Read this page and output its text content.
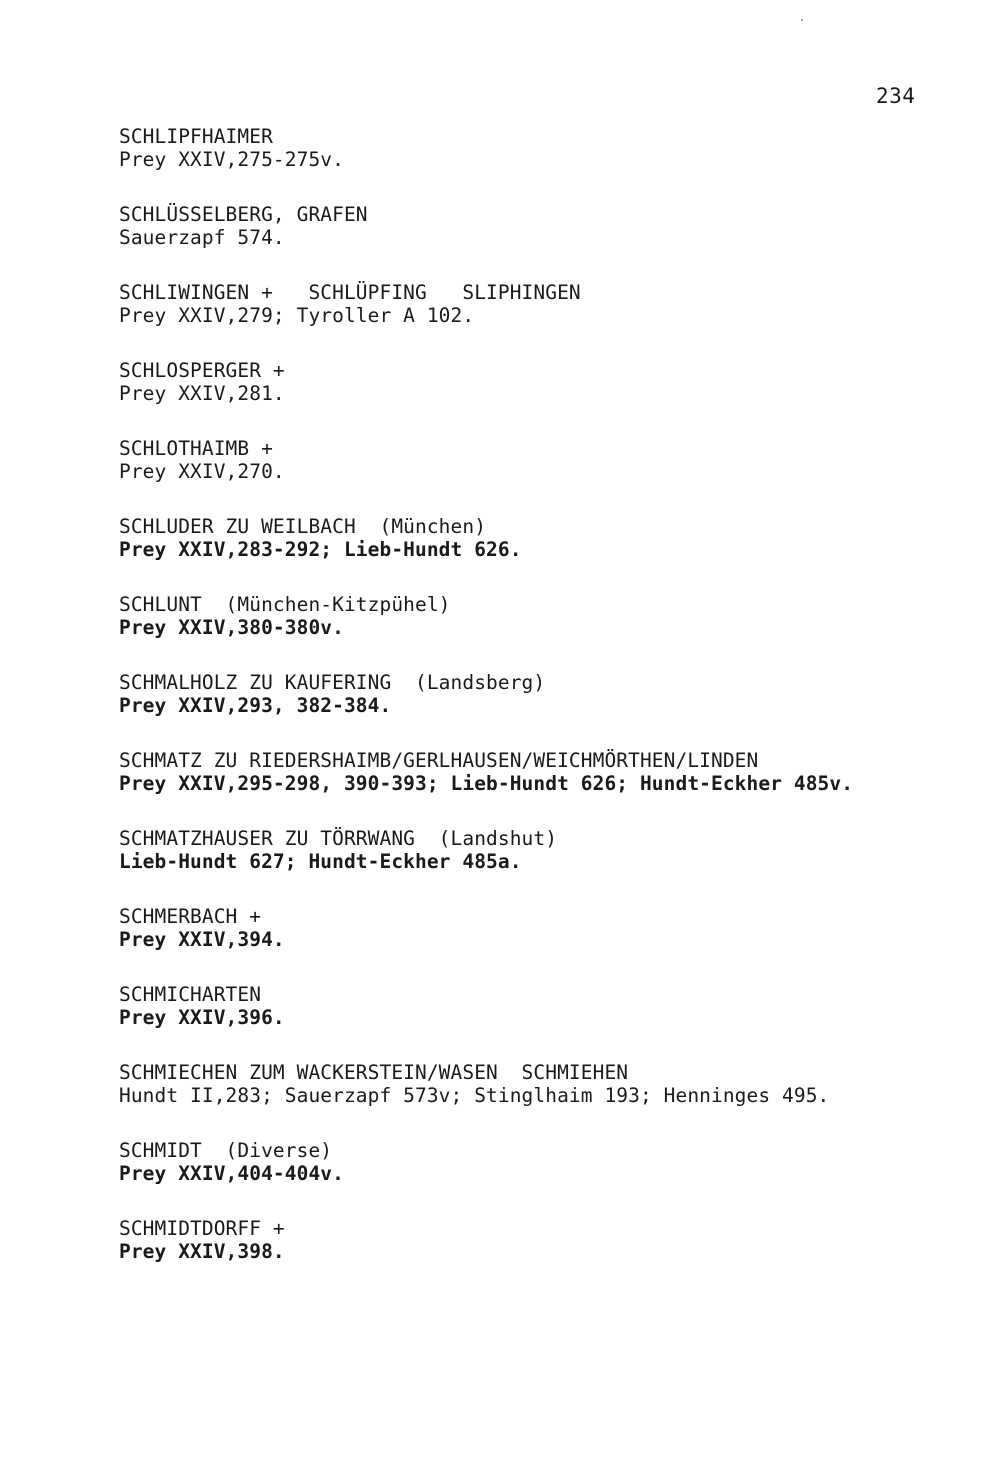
234
SCHLIPFHAIMER
Prey XXIV,275-275v.
SCHLÜSSELBERG, GRAFEN
Sauerzapf 574.
SCHLIWINGEN +   SCHLÜPFING   SLIPHINGEN
Prey XXIV,279; Tyroller A 102.
SCHLOSPERGER +
Prey XXIV,281.
SCHLOTHAIMB +
Prey XXIV,270.
SCHLUDER ZU WEILBACH  (München)
Prey XXIV,283-292; Lieb-Hundt 626.
SCHLUNT  (München-Kitzpühel)
Prey XXIV,380-380v.
SCHMALHOLZ ZU KAUFERING  (Landsberg)
Prey XXIV,293, 382-384.
SCHMATZ ZU RIEDERSHAIMB/GERLHAUSEN/WEICHMÖRTHEN/LINDEN
Prey XXIV,295-298, 390-393; Lieb-Hundt 626; Hundt-Eckher 485v.
SCHMATZHAUSER ZU TÖRRWANG  (Landshut)
Lieb-Hundt 627; Hundt-Eckher 485a.
SCHMERBACH +
Prey XXIV,394.
SCHMICHARTEN
Prey XXIV,396.
SCHMIECHEN ZUM WACKERSTEIN/WASEN  SCHMIEHEN
Hundt II,283; Sauerzapf 573v; Stinglhaim 193; Henninges 495.
SCHMIDT  (Diverse)
Prey XXIV,404-404v.
SCHMIDTDORFF +
Prey XXIV,398.
